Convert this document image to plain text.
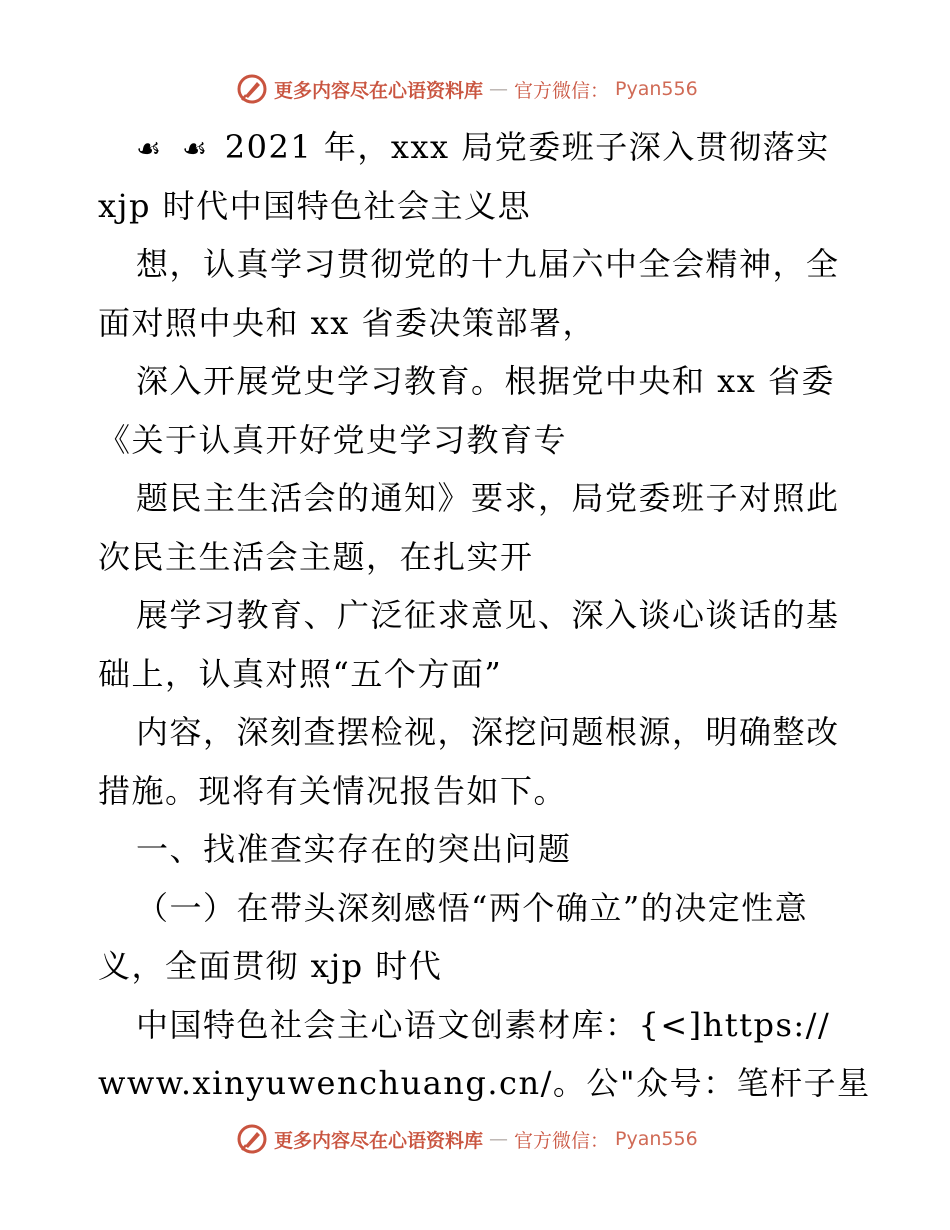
更多内容尽在心语资料库 — 官方微信： Pyan556
☙ ☙ 2021 年，xxx 局党委班子深入贯彻落实
xjp 时代中国特色社会主义思
想，认真学习贯彻党的十九届六中全会精神，全
面对照中央和 xx 省委决策部署，
深入开展党史学习教育。根据党中央和 xx 省委
《关于认真开好党史学习教育专
题民主生活会的通知》要求，局党委班子对照此
次民主生活会主题，在扎实开
展学习教育、广泛征求意见、深入谈心谈话的基
础上，认真对照“五个方面”
内容，深刻查摆检视，深挖问题根源，明确整改
措施。现将有关情况报告如下。
一、找准查实存在的突出问题
（一）在带头深刻感悟“两个确立”的决定性意
义，全面贯彻 xjp 时代
中国特色社会主心语文创素材库：{<]https://
www.xinyuwenchuang.cn/。公"众号：笔杆子星
更多内容尽在心语资料库 — 官方微信： Pyan556
